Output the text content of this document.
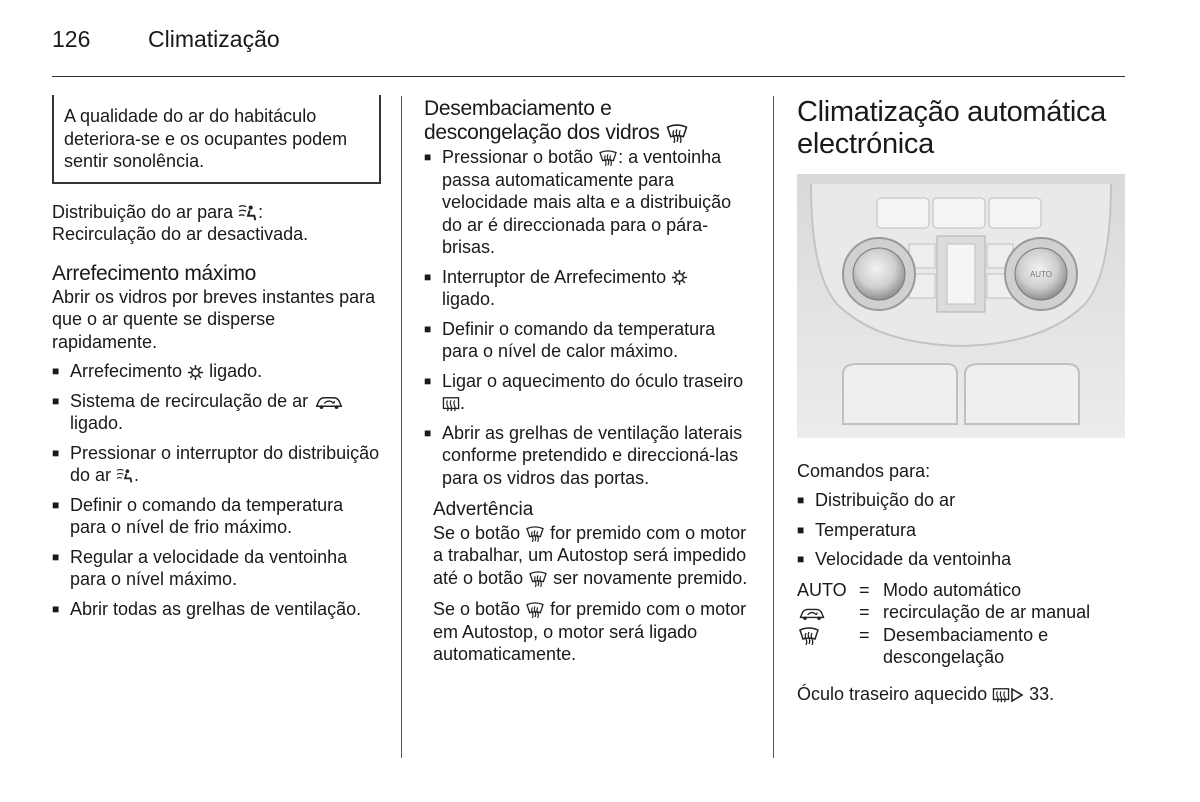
126	Climatização

A qualidade do ar do habitáculo deteriora-se e os ocupantes podem sentir sonolência.

Distribuição do ar para :
Recirculação do ar desactivada.

Arrefecimento máximo

Abrir os vidros por breves instantes para que o ar quente se disperse rapidamente.

■ Arrefecimento ligado.
■ Sistema de recirculação de ar
ligado.
■ Pressionar o interruptor do distribuição do ar .
■ Definir o comando da temperatura para o nível de frio máximo.
■ Regular a velocidade da ventoinha para o nível máximo.
■ Abrir todas as grelhas de ventilação.
Desembaciamento e descongelação dos vidros
■ Pressionar o botão : a ventoinha passa automaticamente para velocidade mais alta e a distribuição do ar é direccionada para o pára-brisas.
■ Interruptor de Arrefecimento
ligado.
■ Definir o comando da temperatura para o nível de calor máximo.
■ Ligar o aquecimento do óculo traseiro .
■ Abrir as grelhas de ventilação laterais conforme pretendido e direccioná-las para os vidros das portas.
Advertência

Se o botão for premido com o motor a trabalhar, um Autostop será impedido até o botão ser novamente premido.

Se o botão for premido com o motor em Autostop, o motor será ligado automaticamente.

Climatização automática electrónica
AUTO

Comandos para:

■ Distribuição do ar
■ Temperatura
■ Velocidade da ventoinha
AUTO	=	Modo automático
	=	recirculação de ar manual
	=	Desembaciamento e descongelação

Óculo traseiro aquecido 33.
